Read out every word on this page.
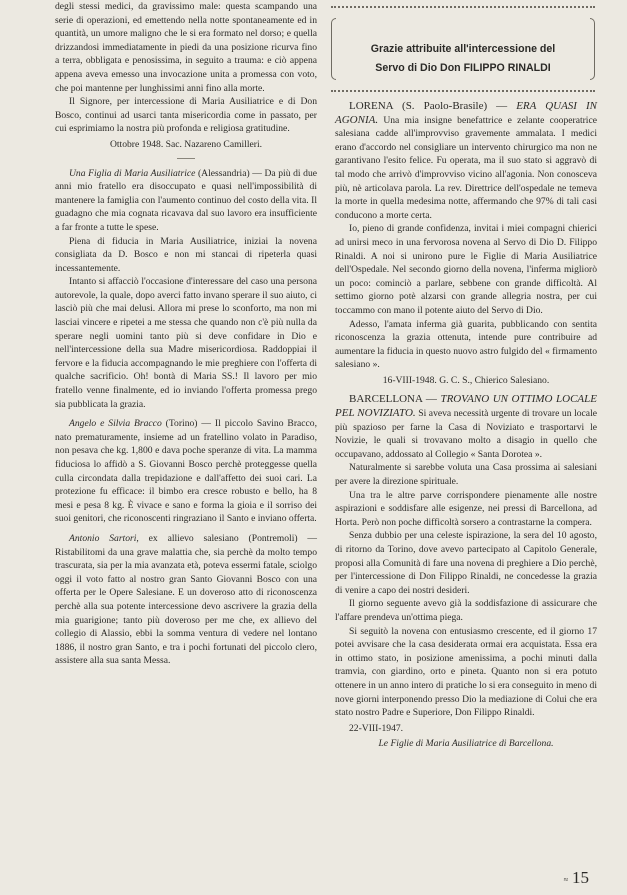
degli stessi medici, da gravissimo male: questa scampando una serie di operazioni, ed emettendo nella notte spontaneamente ed in quantità, un umore maligno che le si era formato nel dorso; e quella drizzandosi immediatamente in piedi da una posizione ricurva fino a terra, obbligata e penosissima, in seguito a trauma: e ciò appena appena aveva emesso una invocazione unita a promessa con voto, che poi mantenne per lunghissimi anni fino alla morte.

Il Signore, per intercessione di Maria Ausiliatrice e di Don Bosco, continui ad usarci tanta misericordia come in passato, per cui esprimiamo la nostra più profonda e religiosa gratitudine.

Ottobre 1948. Sac. Nazareno Camilleri.

Una Figlia di Maria Ausiliatrice (Alessandria) — Da più di due anni mio fratello era disoccupato e quasi nell'impossibilità di mantenere la famiglia con l'aumento continuo del costo della vita. Il guadagno che mia cognata ricavava dal suo lavoro era insufficiente a far fronte a tutte le spese.

Piena di fiducia in Maria Ausiliatrice, iniziai la novena consigliata da D. Bosco e non mi stancai di ripeterla quasi incessantemente.

Intanto si affacciò l'occasione d'interessare del caso una persona autorevole, la quale, dopo averci fatto invano sperare il suo aiuto, ci lasciò più che mai delusi. Allora mi prese lo sconforto, ma non mi lasciai vincere e ripetei a me stessa che quando non c'è più nulla da sperare negli uomini tanto più si deve confidare in Dio e nell'intercessione della sua Madre misericordiosa. Raddoppiai il fervore e la fiducia accompagnando le mie preghiere con l'offerta di qualche sacrificio. Oh! bontà di Maria SS.! Il lavoro per mio fratello venne finalmente, ed io inviando l'offerta promessa prego sia pubblicata la grazia.

Angelo e Silvia Bracco (Torino) — Il piccolo Savino Bracco, nato prematuramente, insieme ad un fratellino volato in Paradiso, non pesava che kg. 1,800 e dava poche speranze di vita. La mamma fiduciosa lo affidò a S. Giovanni Bosco perchè proteggesse quella culla circondata dalla trepidazione e dall'affetto dei suoi cari. La protezione fu efficace: il bimbo era cresce robusto e bello, ha 8 mesi e pesa 8 kg. È vivace e sano e forma la gioia e il sorriso dei suoi genitori, che riconoscenti ringraziano il Santo e inviano offerta.

Antonio Sartori, ex allievo salesiano (Pontremoli) — Ristabilitomi da una grave malattia che, sia perchè da molto tempo trascurata, sia per la mia avanzata età, poteva essermi fatale, sciolgo oggi il voto fatto al nostro gran Santo Giovanni Bosco con una offerta per le Opere Salesiane. E un doveroso atto di riconoscenza perchè alla sua potente intercessione devo ascrivere la grazia della mia guarigione; tanto più doveroso per me che, ex allievo del collegio di Alassio, ebbi la somma ventura di vedere nel lontano 1886, il nostro gran Santo, e tra i pochi fortunati del piccolo clero, assistere alla sua santa Messa.

Grazie attribuite all'intercessione del
Servo di Dio Don FILIPPO RINALDI

LORENA (S. Paolo-Brasile) — ERA QUASI IN AGONIA. Una mia insigne benefattrice e zelante cooperatrice salesiana cadde all'improvviso gravemente ammalata. I medici erano d'accordo nel consigliare un intervento chirurgico ma non ne garantivano l'esito felice. Fu operata, ma il suo stato si aggravò di tal modo che arrivò d'improvviso vicino all'agonia. Non conosceva più, nè articolava parola. La rev. Direttrice dell'ospedale ne temeva la morte in quella medesima notte, affermando che 97% di tali casi conducono a morte certa.

Io, pieno di grande confidenza, invitai i miei compagni chierici ad unirsi meco in una fervorosa novena al Servo di Dio D. Filippo Rinaldi. A noi si unirono pure le Figlie di Maria Ausiliatrice dell'Ospedale. Nel secondo giorno della novena, l'inferma migliorò un poco: cominciò a parlare, sebbene con grande difficoltà. Al settimo giorno potè alzarsi con grande allegria nostra, per cui toccammo con mano il potente aiuto del Servo di Dio.

Adesso, l'amata inferma già guarita, pubblicando con sentita riconoscenza la grazia ottenuta, intende pure contribuire ad aumentare la fiducia in questo nuovo astro fulgido del « firmamento salesiano ».

16-VIII-1948. G. C. S., Chierico Salesiano.

BARCELLONA — TROVANO UN OTTIMO LOCALE PEL NOVIZIATO. Si aveva necessità urgente di trovare un locale più spazioso per farne la Casa di Noviziato e trasportarvi le Novizie, le quali si trovavano molto a disagio in quello che occupavano, addossato al Collegio « Santa Dorotea ».

Naturalmente si sarebbe voluta una Casa prossima ai salesiani per avere la direzione spirituale.

Una tra le altre parve corrispondere pienamente alle nostre aspirazioni e soddisfare alle esigenze, nei pressi di Barcellona, ad Horta. Però non poche difficoltà sorsero a contrastarne la compera.

Senza dubbio per una celeste ispirazione, la sera del 10 agosto, di ritorno da Torino, dove avevo partecipato al Capitolo Generale, proposi alla Comunità di fare una novena di preghiere a Dio perchè, per l'intercessione di Don Filippo Rinaldi, ne concedesse la grazia di venire a capo dei nostri desideri.

Il giorno seguente avevo già la soddisfazione di assicurare che l'affare prendeva un'ottima piega.

Si seguitò la novena con entusiasmo crescente, ed il giorno 17 potei avvisare che la casa desiderata ormai era acquistata. Essa era in ottimo stato, in posizione amenissima, a pochi minuti dalla tramvia, con giardino, orto e pineta. Quanto non si era potuto ottenere in un anno intero di pratiche lo si era conseguito in meno di nove giorni interponendo presso Dio la mediazione di Colui che era stato nostro Padre e Superiore, Don Filippo Rinaldi.

22-VIII-1947.

Le Figlie di Maria Ausiliatrice di Barcellona.

≈ 15
